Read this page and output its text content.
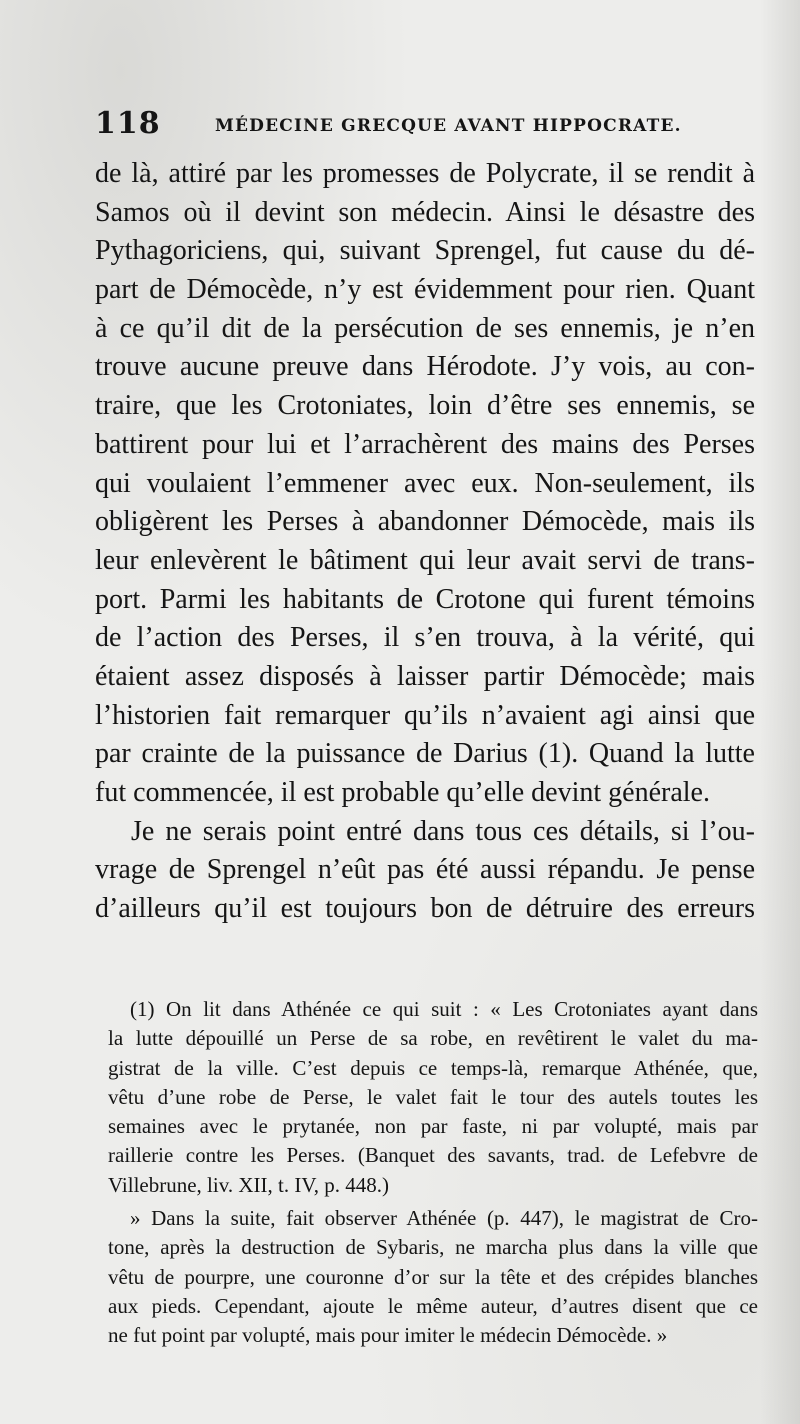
118	MÉDECINE GRECQUE AVANT HIPPOCRATE.
de là, attiré par les promesses de Polycrate, il se rendit à
Samos où il devint son médecin. Ainsi le désastre des
Pythagoriciens, qui, suivant Sprengel, fut cause du dé-
part de Démocède, n’y est évidemment pour rien. Quant
à ce qu’il dit de la persécution de ses ennemis, je n’en
trouve aucune preuve dans Hérodote. J’y vois, au con-
traire, que les Crotoniates, loin d’être ses ennemis, se
battirent pour lui et l’arrachèrent des mains des Perses
qui voulaient l’emmener avec eux. Non-seulement, ils
obligèrent les Perses à abandonner Démocède, mais ils
leur enlevèrent le bâtiment qui leur avait servi de trans-
port. Parmi les habitants de Crotone qui furent témoins
de l’action des Perses, il s’en trouva, à la vérité, qui
étaient assez disposés à laisser partir Démocède; mais
l’historien fait remarquer qu’ils n’avaient agi ainsi que
par crainte de la puissance de Darius (1). Quand la lutte
fut commencée, il est probable qu’elle devint générale.
Je ne serais point entré dans tous ces détails, si l’ou-
vrage de Sprengel n’eût pas été aussi répandu. Je pense
d’ailleurs qu’il est toujours bon de détruire des erreurs
(1) On lit dans Athénée ce qui suit : « Les Crotoniates ayant dans
la lutte dépouillé un Perse de sa robe, en revêtirent le valet du ma-
gistrat de la ville. C’est depuis ce temps-là, remarque Athénée, que,
vêtu d’une robe de Perse, le valet fait le tour des autels toutes les
semaines avec le prytanée, non par faste, ni par volupté, mais par
raillerie contre les Perses. (Banquet des savants, trad. de Lefebvre de
Villebrune, liv. XII, t. IV, p. 448.)
» Dans la suite, fait observer Athénée (p. 447), le magistrat de Cro-
tone, après la destruction de Sybaris, ne marcha plus dans la ville que
vêtu de pourpre, une couronne d’or sur la tête et des crépides blanches
aux pieds. Cependant, ajoute le même auteur, d’autres disent que ce
ne fut point par volupté, mais pour imiter le médecin Démocède. »
